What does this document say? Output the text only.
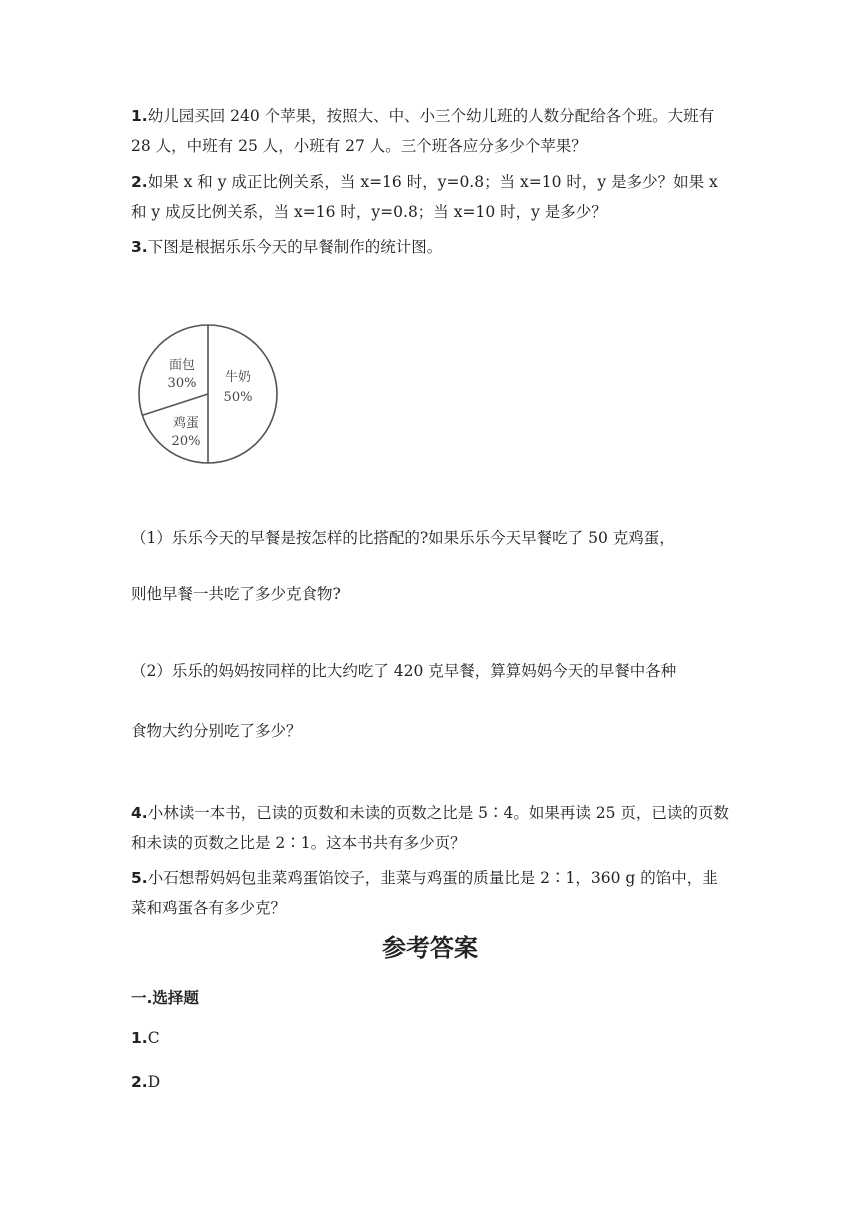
1.幼儿园买回 240 个苹果，按照大、中、小三个幼儿班的人数分配给各个班。大班有 28 人，中班有 25 人，小班有 27 人。三个班各应分多少个苹果？
2.如果 x 和 y 成正比例关系，当 x=16 时，y=0.8；当 x=10 时，y 是多少？如果 x 和 y 成反比例关系，当 x=16 时，y=0.8；当 x=10 时，y 是多少？
3.下图是根据乐乐今天的早餐制作的统计图。
牛奶
50%
面包
30%
鸡蛋
20%
（1）乐乐今天的早餐是按怎样的比搭配的?如果乐乐今天早餐吃了 50 克鸡蛋，
则他早餐一共吃了多少克食物?
（2）乐乐的妈妈按同样的比大约吃了 420 克早餐，算算妈妈今天的早餐中各种
食物大约分别吃了多少？
4.小林读一本书，已读的页数和未读的页数之比是 5∶4。如果再读 25 页，已读的页数和未读的页数之比是 2∶1。这本书共有多少页？
5.小石想帮妈妈包韭菜鸡蛋馅饺子，韭菜与鸡蛋的质量比是 2∶1，360 g 的馅中，韭菜和鸡蛋各有多少克？
参考答案
一.选择题
1.C
2.D
